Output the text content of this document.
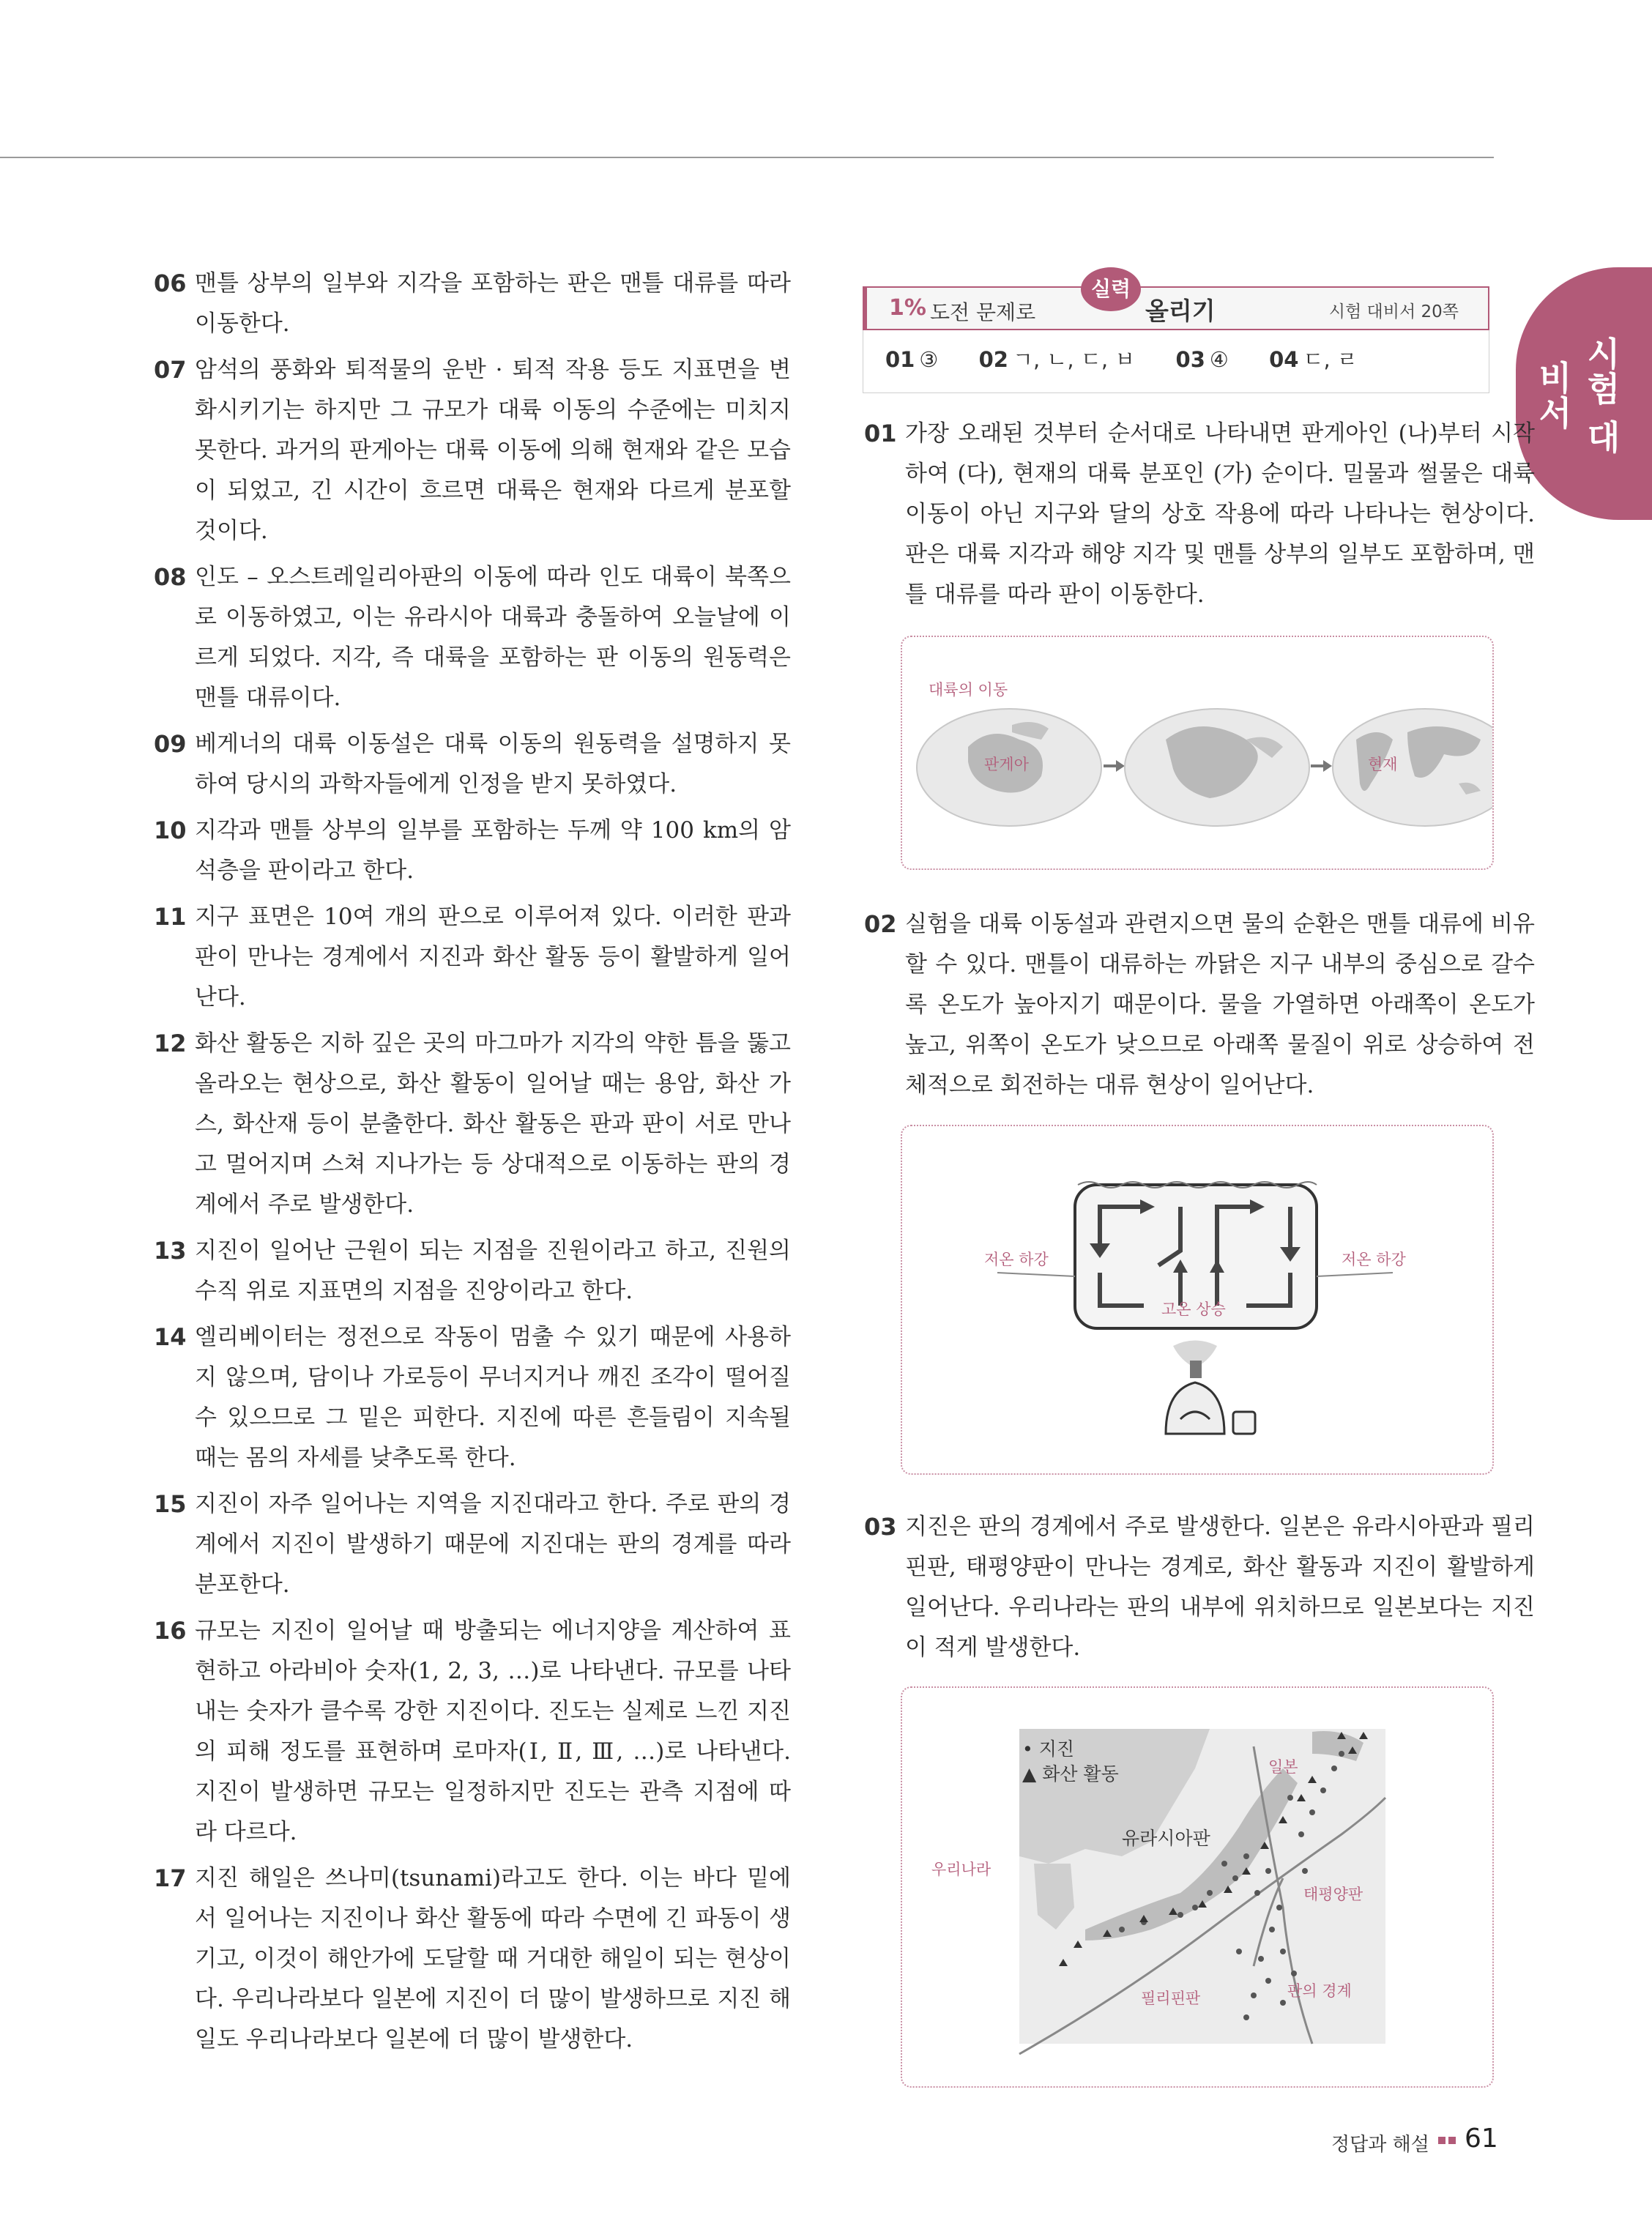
시험 대비서
06 맨틀 상부의 일부와 지각을 포함하는 판은 맨틀 대류를 따라 이동한다.
07 암석의 풍화와 퇴적물의 운반 · 퇴적 작용 등도 지표면을 변화시키기는 하지만 그 규모가 대륙 이동의 수준에는 미치지 못한다. 과거의 판게아는 대륙 이동에 의해 현재와 같은 모습이 되었고, 긴 시간이 흐르면 대륙은 현재와 다르게 분포할 것이다.
08 인도 – 오스트레일리아판의 이동에 따라 인도 대륙이 북쪽으로 이동하였고, 이는 유라시아 대륙과 충돌하여 오늘날에 이르게 되었다. 지각, 즉 대륙을 포함하는 판 이동의 원동력은 맨틀 대류이다.
09 베게너의 대륙 이동설은 대륙 이동의 원동력을 설명하지 못하여 당시의 과학자들에게 인정을 받지 못하였다.
10 지각과 맨틀 상부의 일부를 포함하는 두께 약 100 km의 암석층을 판이라고 한다.
11 지구 표면은 10여 개의 판으로 이루어져 있다. 이러한 판과 판이 만나는 경계에서 지진과 화산 활동 등이 활발하게 일어난다.
12 화산 활동은 지하 깊은 곳의 마그마가 지각의 약한 틈을 뚫고 올라오는 현상으로, 화산 활동이 일어날 때는 용암, 화산 가스, 화산재 등이 분출한다. 화산 활동은 판과 판이 서로 만나고 멀어지며 스쳐 지나가는 등 상대적으로 이동하는 판의 경계에서 주로 발생한다.
13 지진이 일어난 근원이 되는 지점을 진원이라고 하고, 진원의 수직 위로 지표면의 지점을 진앙이라고 한다.
14 엘리베이터는 정전으로 작동이 멈출 수 있기 때문에 사용하지 않으며, 담이나 가로등이 무너지거나 깨진 조각이 떨어질 수 있으므로 그 밑은 피한다. 지진에 따른 흔들림이 지속될 때는 몸의 자세를 낮추도록 한다.
15 지진이 자주 일어나는 지역을 지진대라고 한다. 주로 판의 경계에서 지진이 발생하기 때문에 지진대는 판의 경계를 따라 분포한다.
16 규모는 지진이 일어날 때 방출되는 에너지양을 계산하여 표현하고 아라비아 숫자(1, 2, 3, …)로 나타낸다. 규모를 나타내는 숫자가 클수록 강한 지진이다. 진도는 실제로 느낀 지진의 피해 정도를 표현하며 로마자(Ⅰ, Ⅱ, Ⅲ, …)로 나타낸다. 지진이 발생하면 규모는 일정하지만 진도는 관측 지점에 따라 다르다.
17 지진 해일은 쓰나미(tsunami)라고도 한다. 이는 바다 밑에서 일어나는 지진이나 화산 활동에 따라 수면에 긴 파동이 생기고, 이것이 해안가에 도달할 때 거대한 해일이 되는 현상이다. 우리나라보다 일본에 지진이 더 많이 발생하므로 지진 해일도 우리나라보다 일본에 더 많이 발생한다.
1% 도전 문제로
실력
올리기	시험 대비서 20쪽
01 ③ 02 ㄱ, ㄴ, ㄷ, ㅂ 03 ④ 04 ㄷ, ㄹ
01 가장 오래된 것부터 순서대로 나타내면 판게아인 (나)부터 시작하여 (다), 현재의 대륙 분포인 (가) 순이다. 밀물과 썰물은 대륙 이동이 아닌 지구와 달의 상호 작용에 따라 나타나는 현상이다. 판은 대륙 지각과 해양 지각 및 맨틀 상부의 일부도 포함하며, 맨틀 대류를 따라 판이 이동한다.
대륙의 이동
판게아	현재
02 실험을 대륙 이동설과 관련지으면 물의 순환은 맨틀 대류에 비유할 수 있다. 맨틀이 대류하는 까닭은 지구 내부의 중심으로 갈수록 온도가 높아지기 때문이다. 물을 가열하면 아래쪽이 온도가 높고, 위쪽이 온도가 낮으므로 아래쪽 물질이 위로 상승하여 전체적으로 회전하는 대류 현상이 일어난다.
저온 하강	저온 하강
고온 상승
03 지진은 판의 경계에서 주로 발생한다. 일본은 유라시아판과 필리핀판, 태평양판이 만나는 경계로, 화산 활동과 지진이 활발하게 일어난다. 우리나라는 판의 내부에 위치하므로 일본보다는 지진이 적게 발생한다.
• 지진
▲ 화산 활동	일본
유라시아판
우리나라
태평양판
필리핀판	판의 경계
정답과 해설 61
